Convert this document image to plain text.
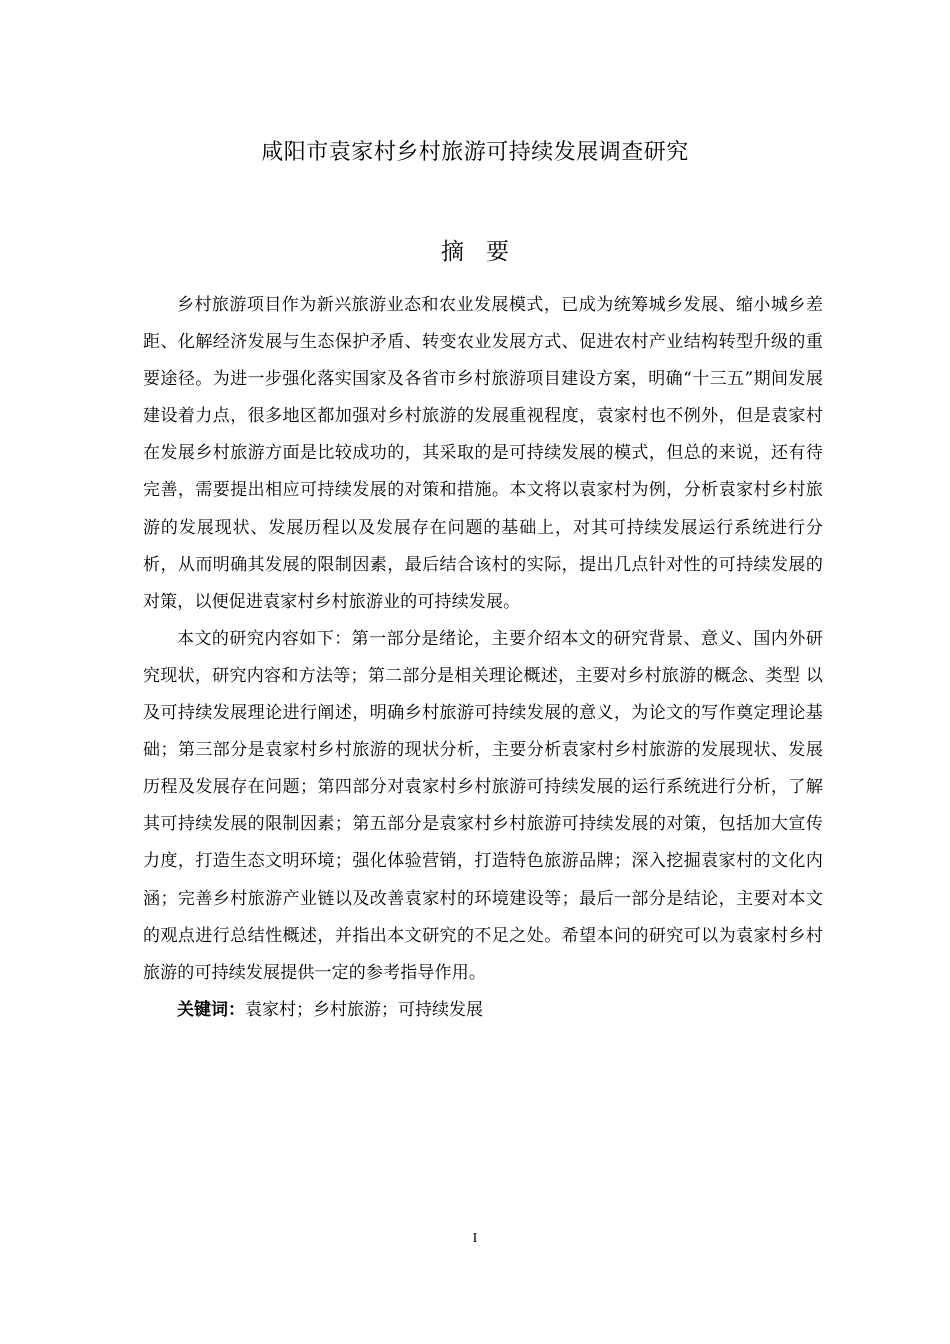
咸阳市袁家村乡村旅游可持续发展调查研究
摘要

乡村旅游项目作为新兴旅游业态和农业发展模式，已成为统筹城乡发展、缩小城乡差距、化解经济发展与生态保护矛盾、转变农业发展方式、促进农村产业结构转型升级的重要途径。为进一步强化落实国家及各省市乡村旅游项目建设方案，明确“十三五”期间发展建设着力点，很多地区都加强对乡村旅游的发展重视程度，袁家村也不例外，但是袁家村在发展乡村旅游方面是比较成功的，其采取的是可持续发展的模式，但总的来说，还有待完善，需要提出相应可持续发展的对策和措施。本文将以袁家村为例，分析袁家村乡村旅游的发展现状、发展历程以及发展存在问题的基础上，对其可持续发展运行系统进行分析，从而明确其发展的限制因素，最后结合该村的实际，提出几点针对性的可持续发展的对策，以便促进袁家村乡村旅游业的可持续发展。

本文的研究内容如下：第一部分是绪论，主要介绍本文的研究背景、意义、国内外研究现状，研究内容和方法等；第二部分是相关理论概述，主要对乡村旅游的概念、类型 以及可持续发展理论进行阐述，明确乡村旅游可持续发展的意义，为论文的写作奠定理论基础；第三部分是袁家村乡村旅游的现状分析，主要分析袁家村乡村旅游的发展现状、发展历程及发展存在问题；第四部分对袁家村乡村旅游可持续发展的运行系统进行分析，了解其可持续发展的限制因素；第五部分是袁家村乡村旅游可持续发展的对策，包括加大宣传力度，打造生态文明环境；强化体验营销，打造特色旅游品牌；深入挖掘袁家村的文化内涵；完善乡村旅游产业链以及改善袁家村的环境建设等；最后一部分是结论，主要对本文的观点进行总结性概述，并指出本文研究的不足之处。希望本问的研究可以为袁家村乡村旅游的可持续发展提供一定的参考指导作用。

关键词：袁家村；乡村旅游；可持续发展

I
